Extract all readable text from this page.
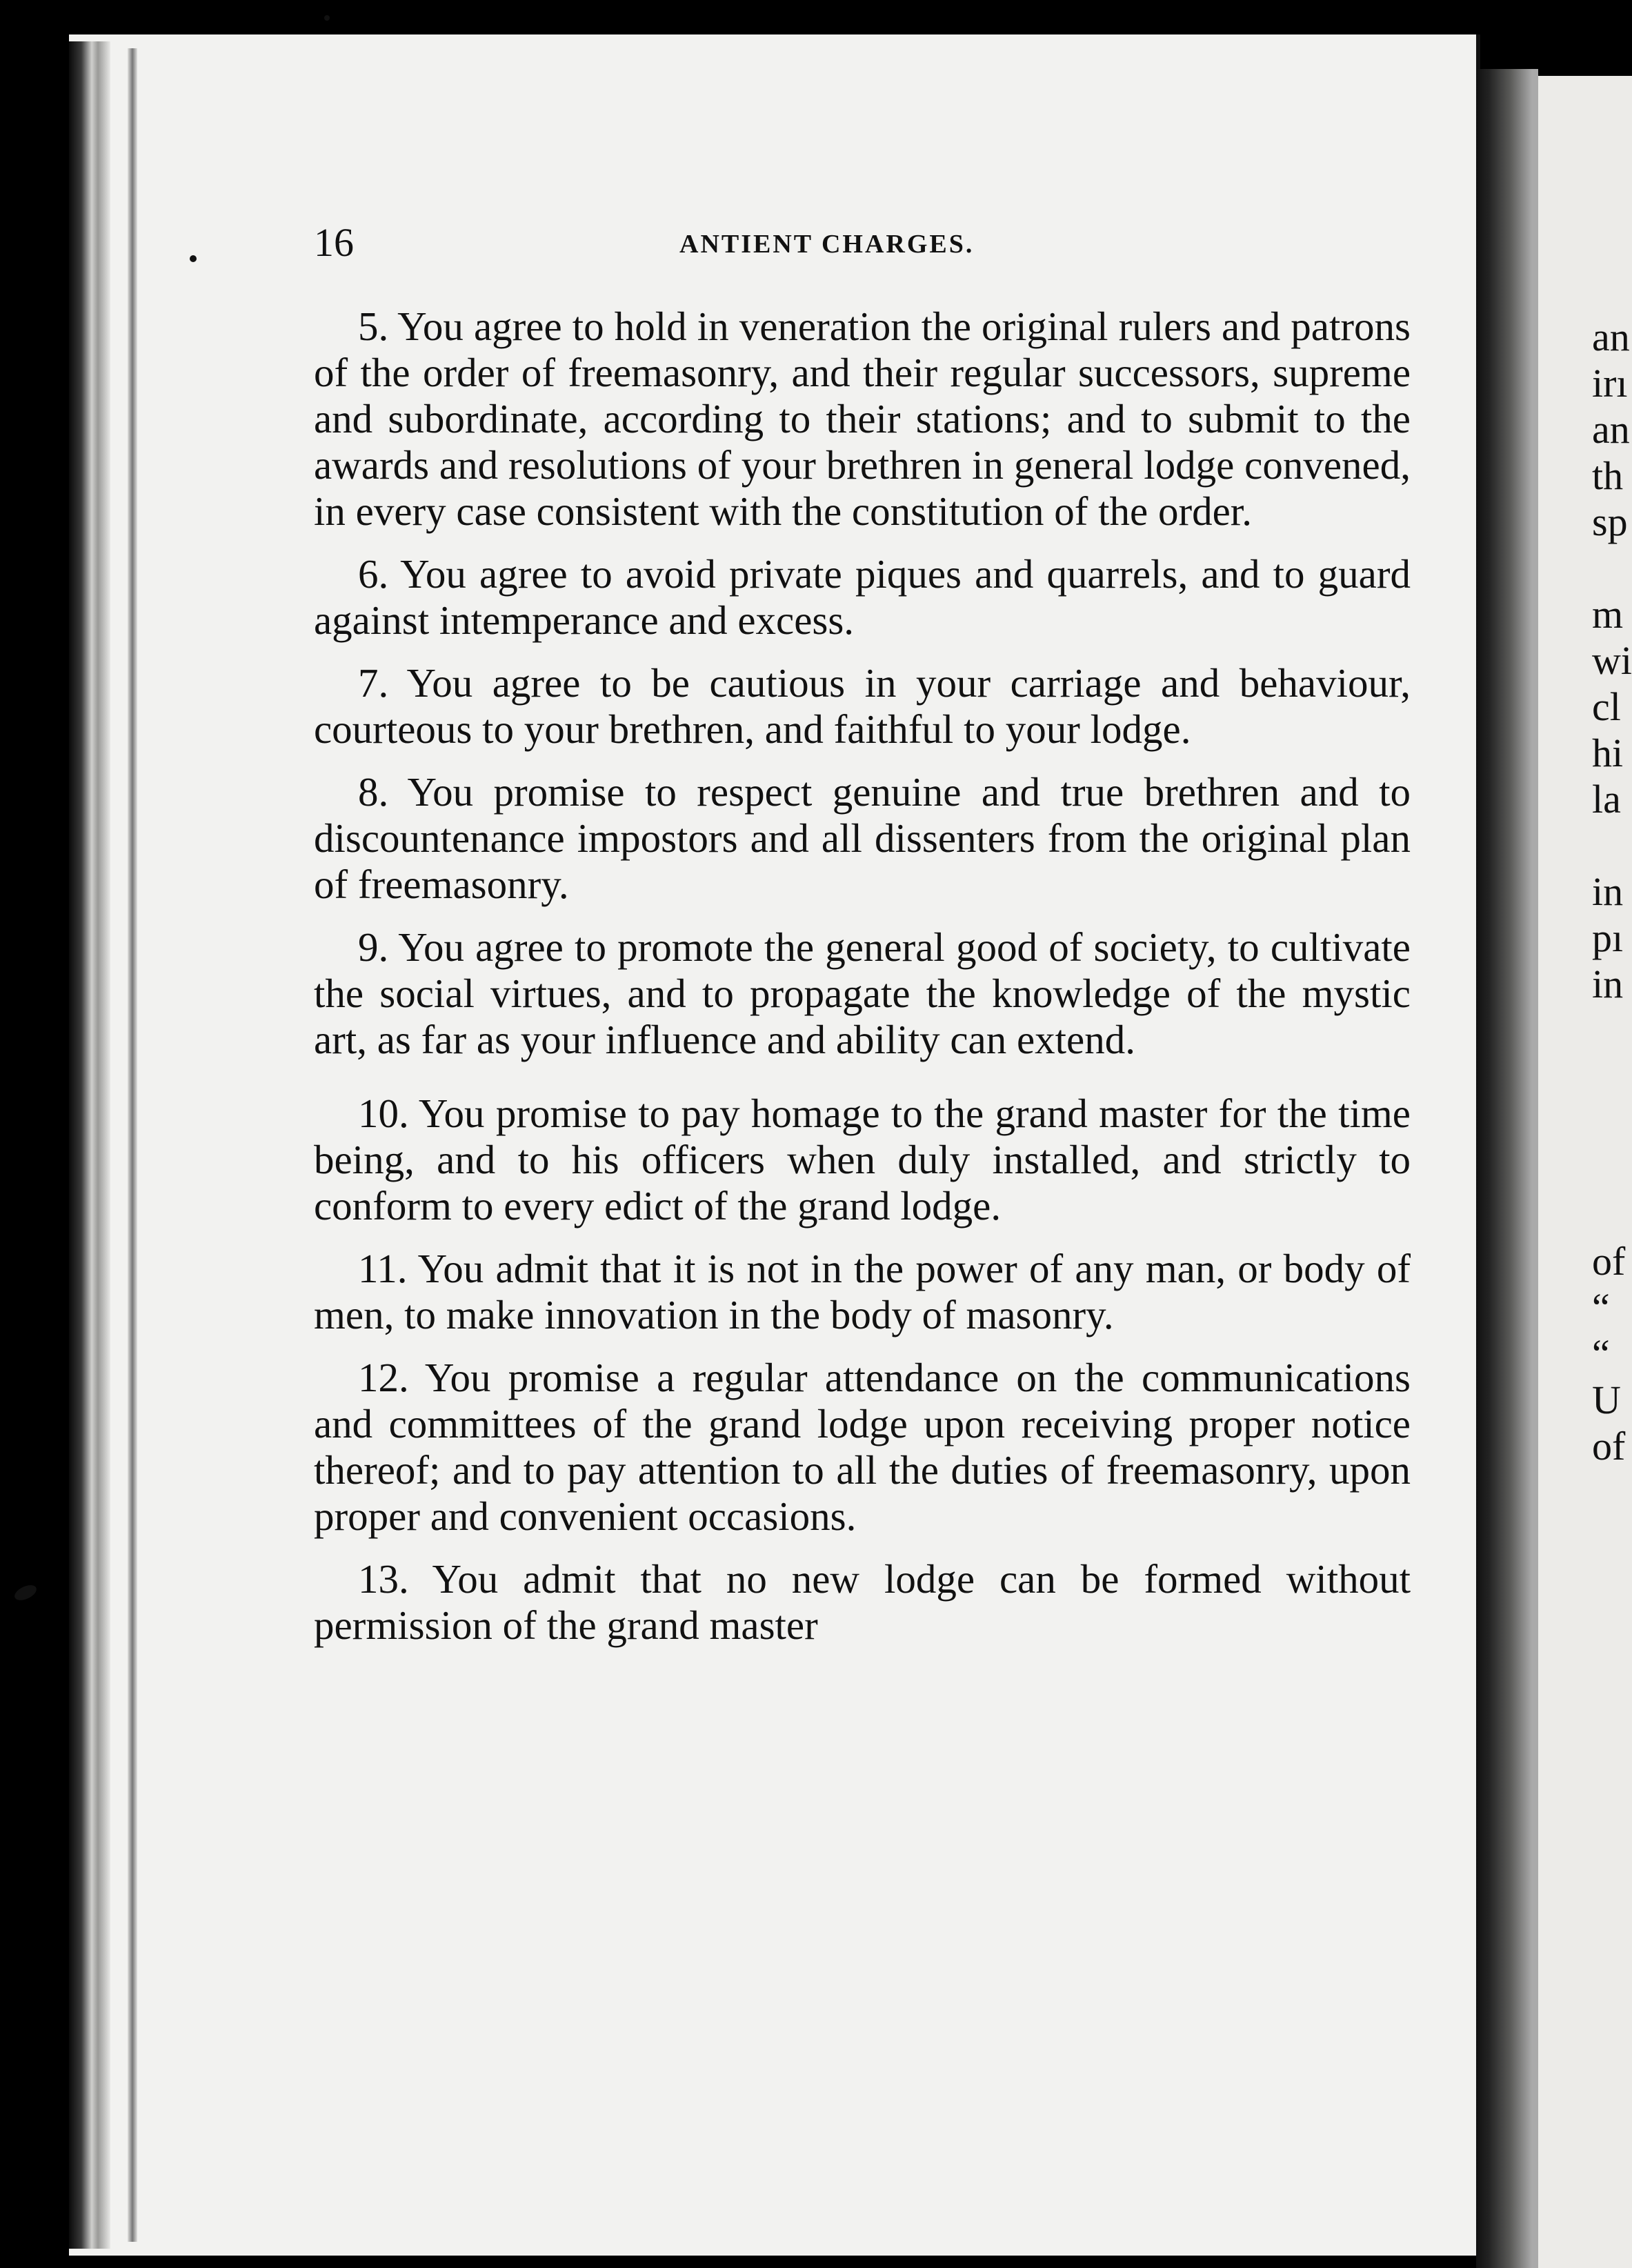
16	ANTIENT CHARGES.

5. You agree to hold in veneration the original rulers and patrons of the order of freemasonry, and their regular successors, supreme and subordinate, according to their stations; and to submit to the awards and resolutions of your brethren in general lodge convened, in every case consistent with the constitution of the order.

6. You agree to avoid private piques and quarrels, and to guard against intemperance and excess.

7. You agree to be cautious in your carriage and behaviour, courteous to your brethren, and faithful to your lodge.

8. You promise to respect genuine and true brethren and to discountenance impostors and all dissenters from the original plan of freemasonry.

9. You agree to promote the general good of society, to cultivate the social virtues, and to propagate the knowledge of the mystic art, as far as your influence and ability can extend.

10. You promise to pay homage to the grand master for the time being, and to his officers when duly installed, and strictly to conform to every edict of the grand lodge.

11. You admit that it is not in the power of any man, or body of men, to make innovation in the body of masonry.

12. You promise a regular attendance on the communications and committees of the grand lodge upon receiving proper notice thereof; and to pay attention to all the duties of freemasonry, upon proper and convenient occasions.

13. You admit that no new lodge can be formed without permission of the grand master

an
irı
an
th
sp
m
wi
cl
hi
la
in
pı
in
of
“
“
U
of
